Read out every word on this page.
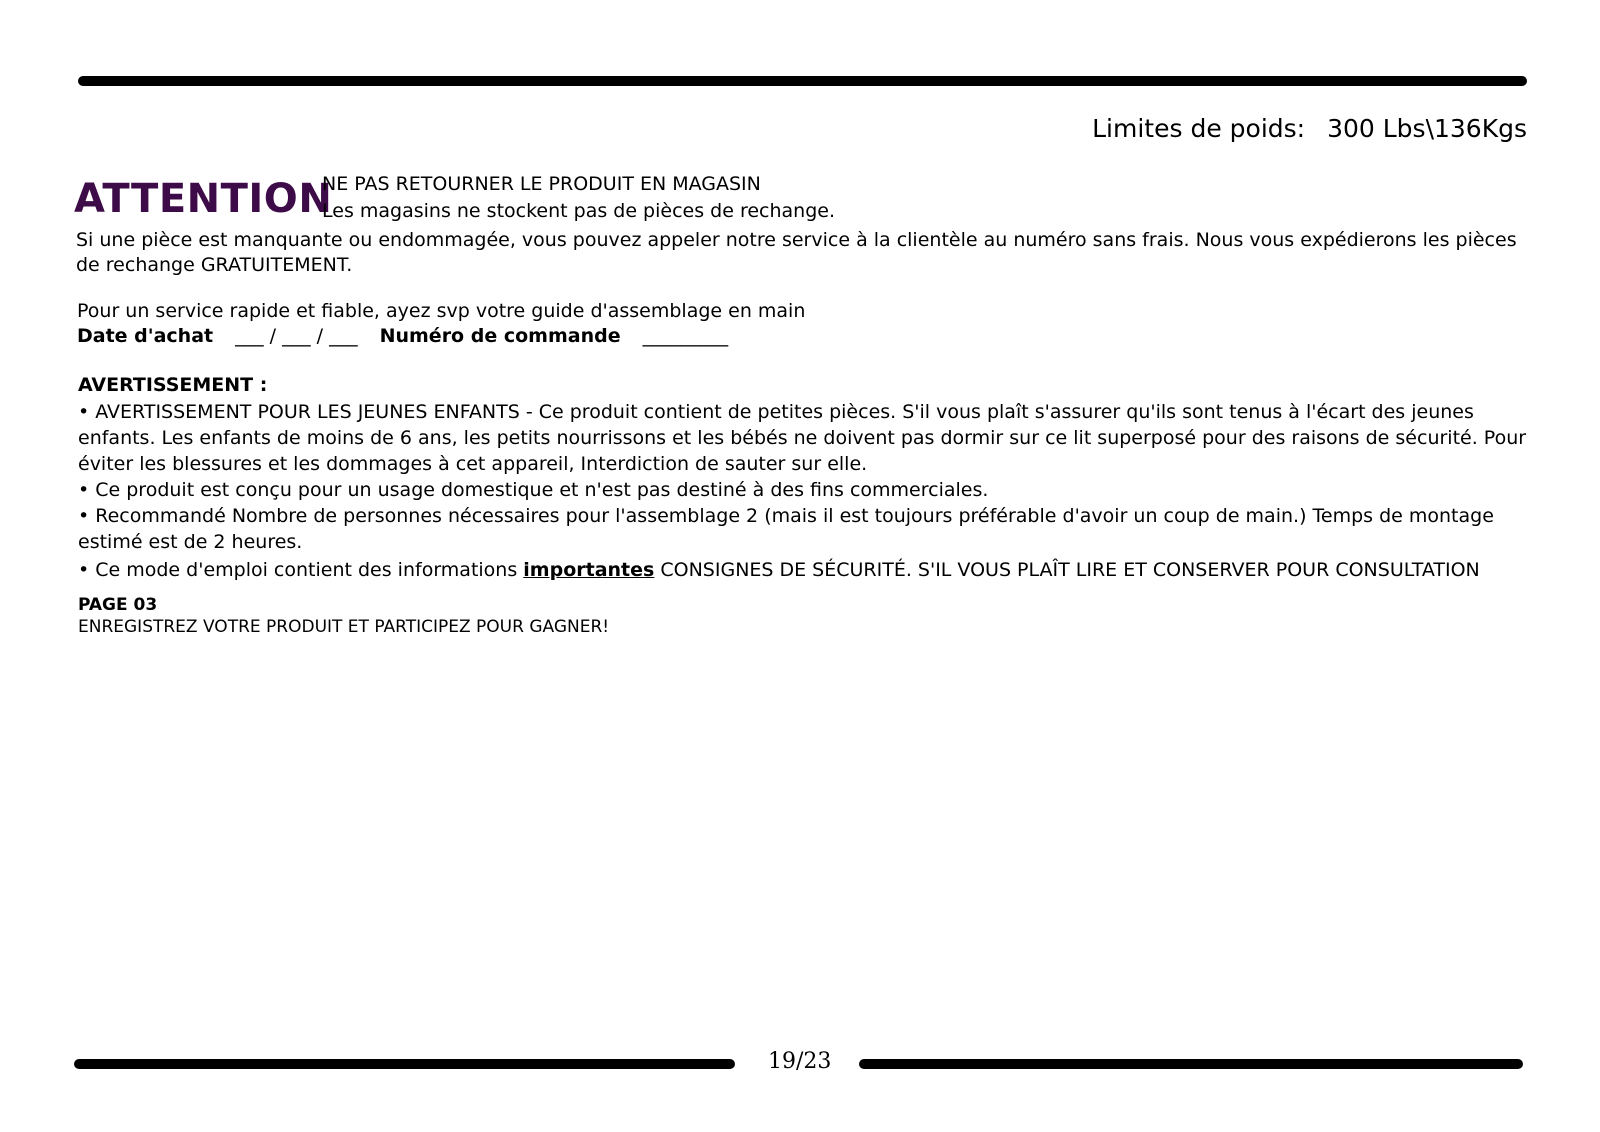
Limites de poids: 300 Lbs\136Kgs
ATTENTION
NE PAS RETOURNER LE PRODUIT EN MAGASIN
Les magasins ne stockent pas de pièces de rechange.
Si une pièce est manquante ou endommagée, vous pouvez appeler notre service à la clientèle au numéro sans frais. Nous vous expédierons les pièces de rechange GRATUITEMENT.
Pour un service rapide et fiable, ayez svp votre guide d'assemblage en main
Date d'achat ___ / ___ / ___ Numéro de commande _________
AVERTISSEMENT :

• AVERTISSEMENT POUR LES JEUNES ENFANTS - Ce produit contient de petites pièces. S'il vous plaît s'assurer qu'ils sont tenus à l'écart des jeunes enfants. Les enfants de moins de 6 ans, les petits nourrissons et les bébés ne doivent pas dormir sur ce lit superposé pour des raisons de sécurité. Pour éviter les blessures et les dommages à cet appareil, Interdiction de sauter sur elle.

• Ce produit est conçu pour un usage domestique et n'est pas destiné à des fins commerciales.

• Recommandé Nombre de personnes nécessaires pour l'assemblage 2 (mais il est toujours préférable d'avoir un coup de main.) Temps de montage estimé est de 2 heures.

• Ce mode d'emploi contient des informations importantes CONSIGNES DE SÉCURITÉ. S'IL VOUS PLAÎT LIRE ET CONSERVER POUR CONSULTATION

PAGE 03
ENREGISTREZ VOTRE PRODUIT ET PARTICIPEZ POUR GAGNER!
19/23
